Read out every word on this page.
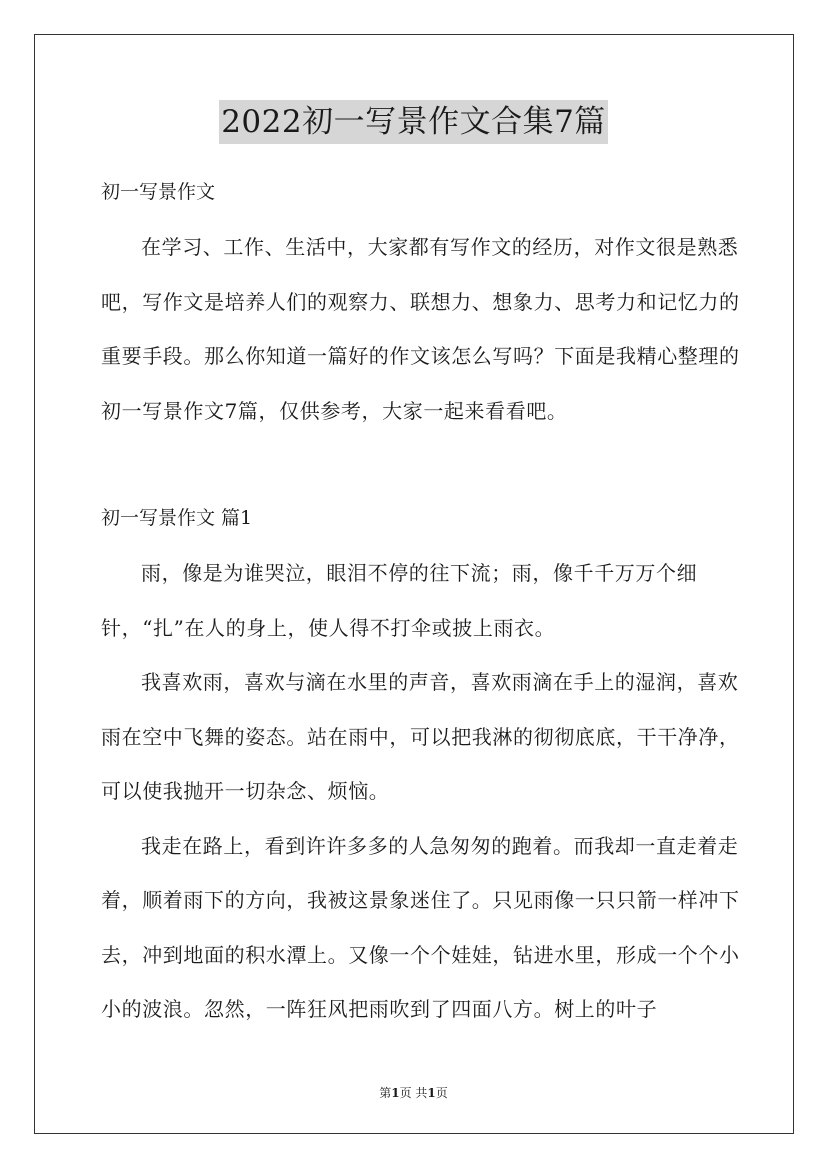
2022初一写景作文合集7篇
初一写景作文

在学习、工作、生活中，大家都有写作文的经历，对作文很是熟悉吧，写作文是培养人们的观察力、联想力、想象力、思考力和记忆力的重要手段。那么你知道一篇好的作文该怎么写吗？下面是我精心整理的初一写景作文7篇，仅供参考，大家一起来看看吧。

初一写景作文 篇1

雨，像是为谁哭泣，眼泪不停的往下流；雨，像千千万万个细针，“扎”在人的身上，使人得不打伞或披上雨衣。

我喜欢雨，喜欢与滴在水里的声音，喜欢雨滴在手上的湿润，喜欢雨在空中飞舞的姿态。站在雨中，可以把我淋的彻彻底底，干干净净，可以使我抛开一切杂念、烦恼。

我走在路上，看到许许多多的人急匆匆的跑着。而我却一直走着走着，顺着雨下的方向，我被这景象迷住了。只见雨像一只只箭一样冲下去，冲到地面的积水潭上。又像一个个娃娃，钻进水里，形成一个个小小的波浪。忽然，一阵狂风把雨吹到了四面八方。树上的叶子

第1页 共1页
